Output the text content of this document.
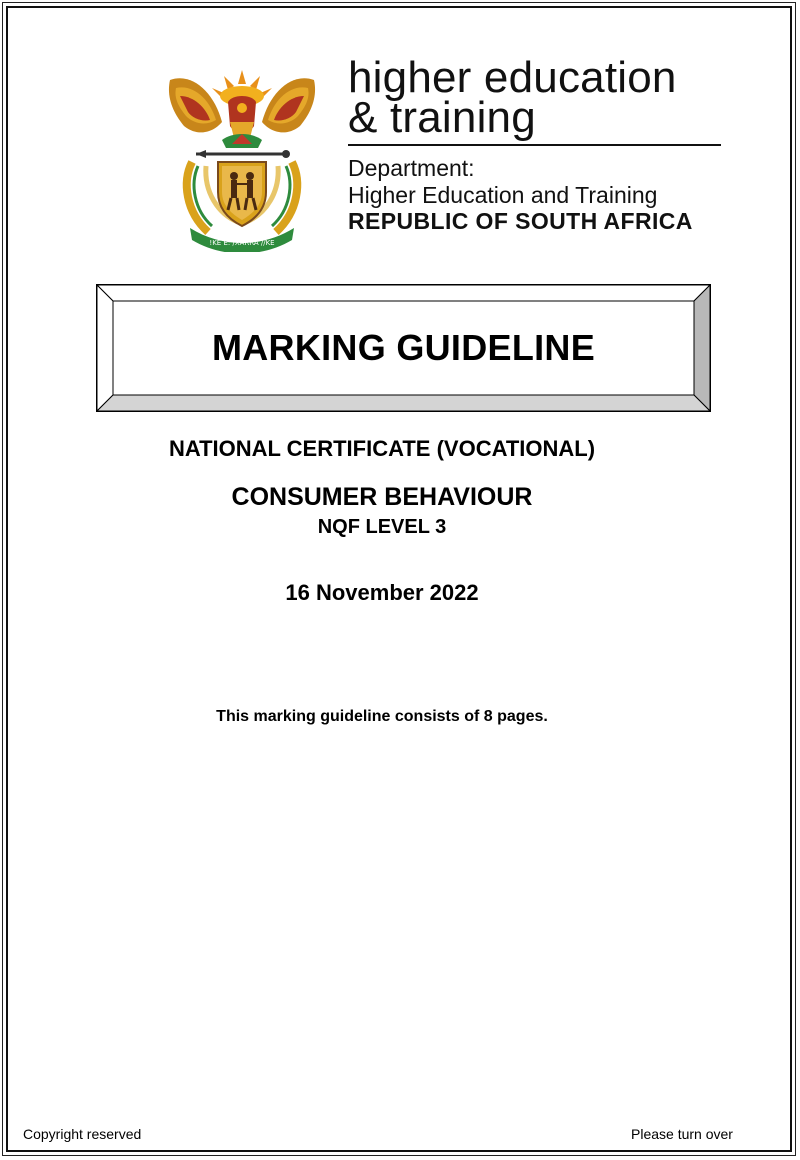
!KE E: /XARRA //KE
higher education
& training
Department:
Higher Education and Training
REPUBLIC OF SOUTH AFRICA
MARKING GUIDELINE
NATIONAL CERTIFICATE (VOCATIONAL)
CONSUMER BEHAVIOUR
NQF LEVEL 3
16 November 2022
This marking guideline consists of 8 pages.
Copyright reserved	Please turn over
